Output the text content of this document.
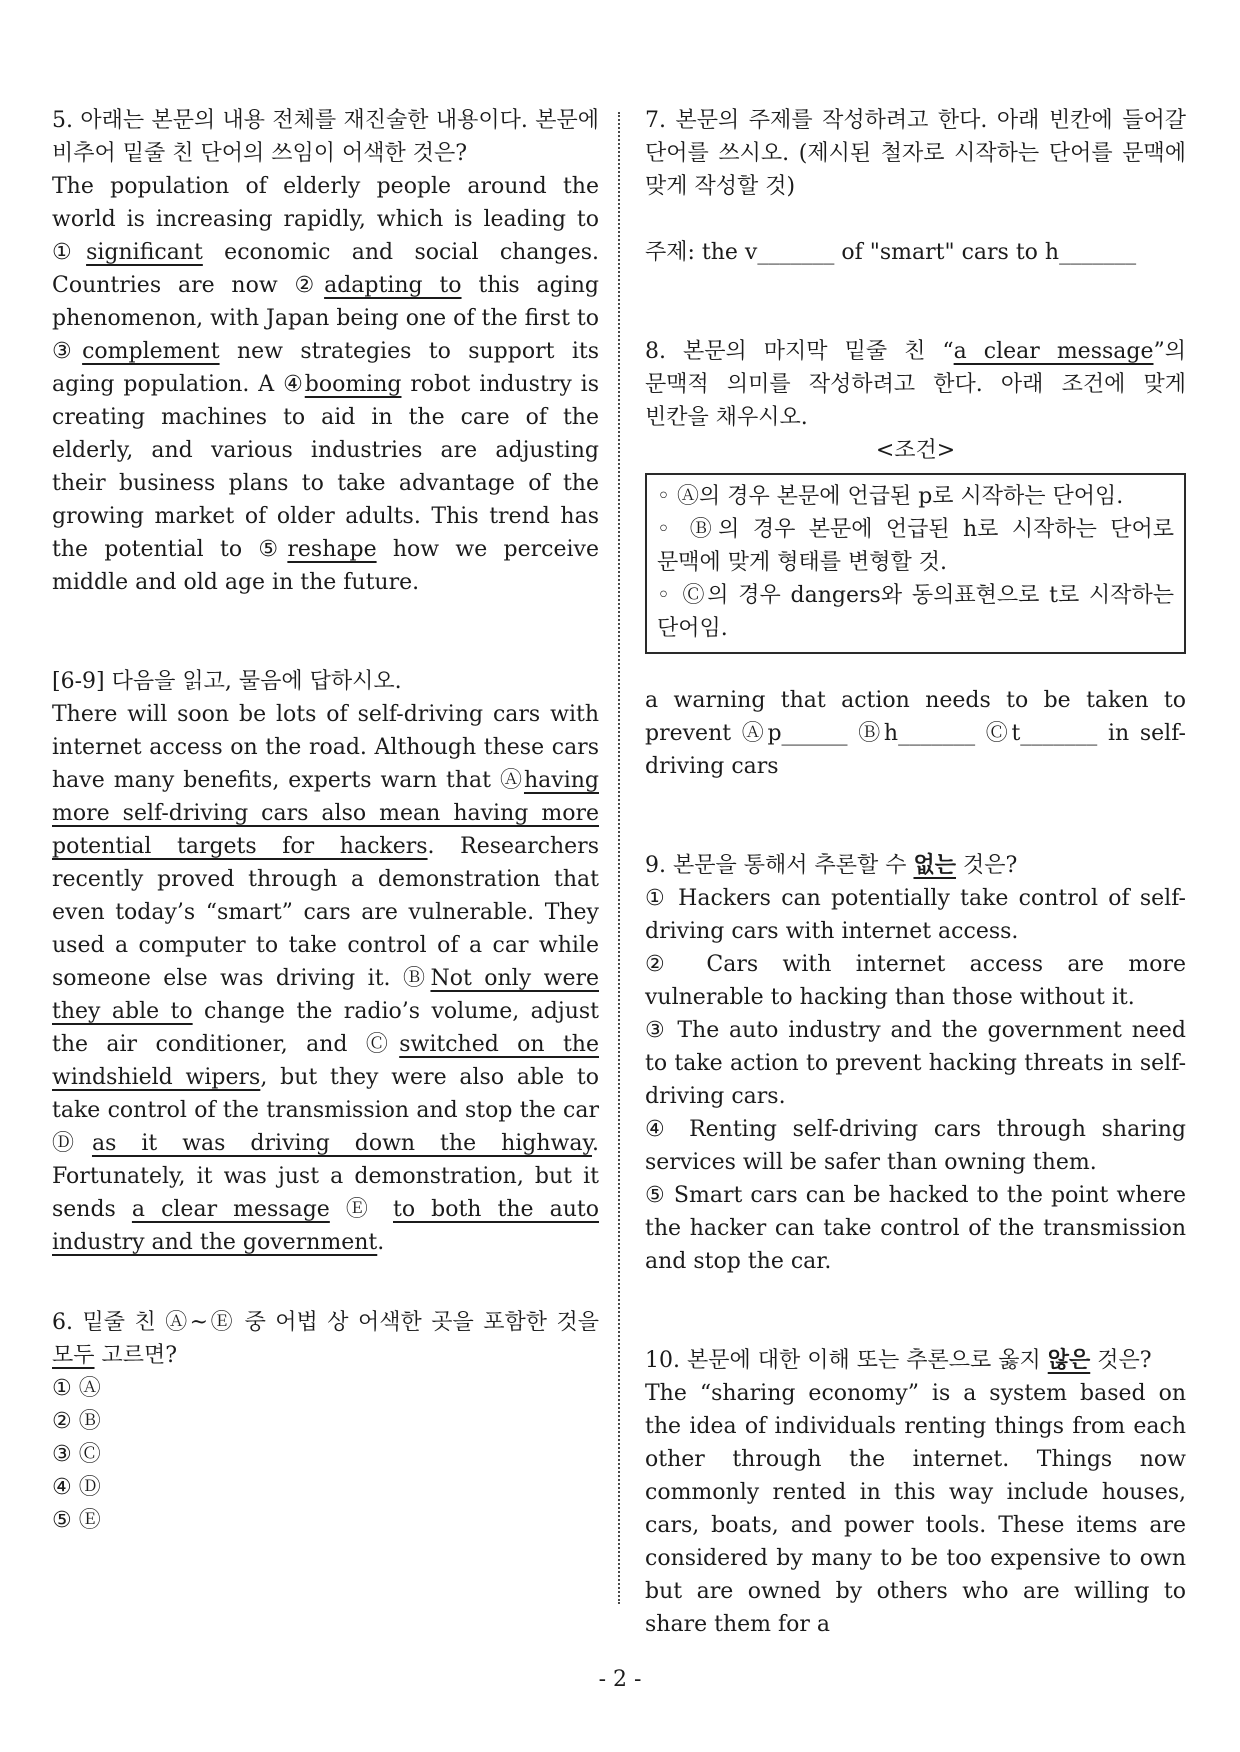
5. 아래는 본문의 내용 전체를 재진술한 내용이다. 본문에 비추어 밑줄 친 단어의 쓰임이 어색한 것은?
The population of elderly people around the world is increasing rapidly, which is leading to ①significant economic and social changes. Countries are now ②adapting to this aging phenomenon, with Japan being one of the first to ③complement new strategies to support its aging population. A ④booming robot industry is creating machines to aid in the care of the elderly, and various industries are adjusting their business plans to take advantage of the growing market of older adults. This trend has the potential to ⑤reshape how we perceive middle and old age in the future.
[6-9] 다음을 읽고, 물음에 답하시오.
There will soon be lots of self-driving cars with internet access on the road. Although these cars have many benefits, experts warn that Ⓐhaving more self-driving cars also mean having more potential targets for hackers. Researchers recently proved through a demonstration that even today’s “smart” cars are vulnerable. They used a computer to take control of a car while someone else was driving it. ⒷNot only were they able to change the radio’s volume, adjust the air conditioner, and Ⓒswitched on the windshield wipers, but they were also able to take control of the transmission and stop the car Ⓓas it was driving down the highway. Fortunately, it was just a demonstration, but it sends a clear message Ⓔ to both the auto industry and the government.
6. 밑줄 친 Ⓐ~Ⓔ 중 어법 상 어색한 곳을 포함한 것을 모두 고르면?
① Ⓐ
② Ⓑ
③ Ⓒ
④ Ⓓ
⑤ Ⓔ
7. 본문의 주제를 작성하려고 한다. 아래 빈칸에 들어갈 단어를 쓰시오. (제시된 철자로 시작하는 단어를 문맥에 맞게 작성할 것)
주제: the v_______ of "smart" cars to h_______
8. 본문의 마지막 밑줄 친 “a clear message”의 문맥적 의미를 작성하려고 한다. 아래 조건에 맞게 빈칸을 채우시오.
<조건>
◦ Ⓐ의 경우 본문에 언급된 p로 시작하는 단어임.
◦ Ⓑ의 경우 본문에 언급된 h로 시작하는 단어로 문맥에 맞게 형태를 변형할 것.
◦ Ⓒ의 경우 dangers와 동의표현으로 t로 시작하는 단어임.
a warning that action needs to be taken to prevent Ⓐp______ Ⓑh_______ Ⓒt_______ in self-driving cars
9. 본문을 통해서 추론할 수 없는 것은?
① Hackers can potentially take control of self-driving cars with internet access.
② Cars with internet access are more vulnerable to hacking than those without it.
③ The auto industry and the government need to take action to prevent hacking threats in self-driving cars.
④ Renting self-driving cars through sharing services will be safer than owning them.
⑤ Smart cars can be hacked to the point where the hacker can take control of the transmission and stop the car.
10. 본문에 대한 이해 또는 추론으로 옳지 않은 것은?
The “sharing economy” is a system based on the idea of individuals renting things from each other through the internet. Things now commonly rented in this way include houses, cars, boats, and power tools. These items are considered by many to be too expensive to own but are owned by others who are willing to share them for a
- 2 -
